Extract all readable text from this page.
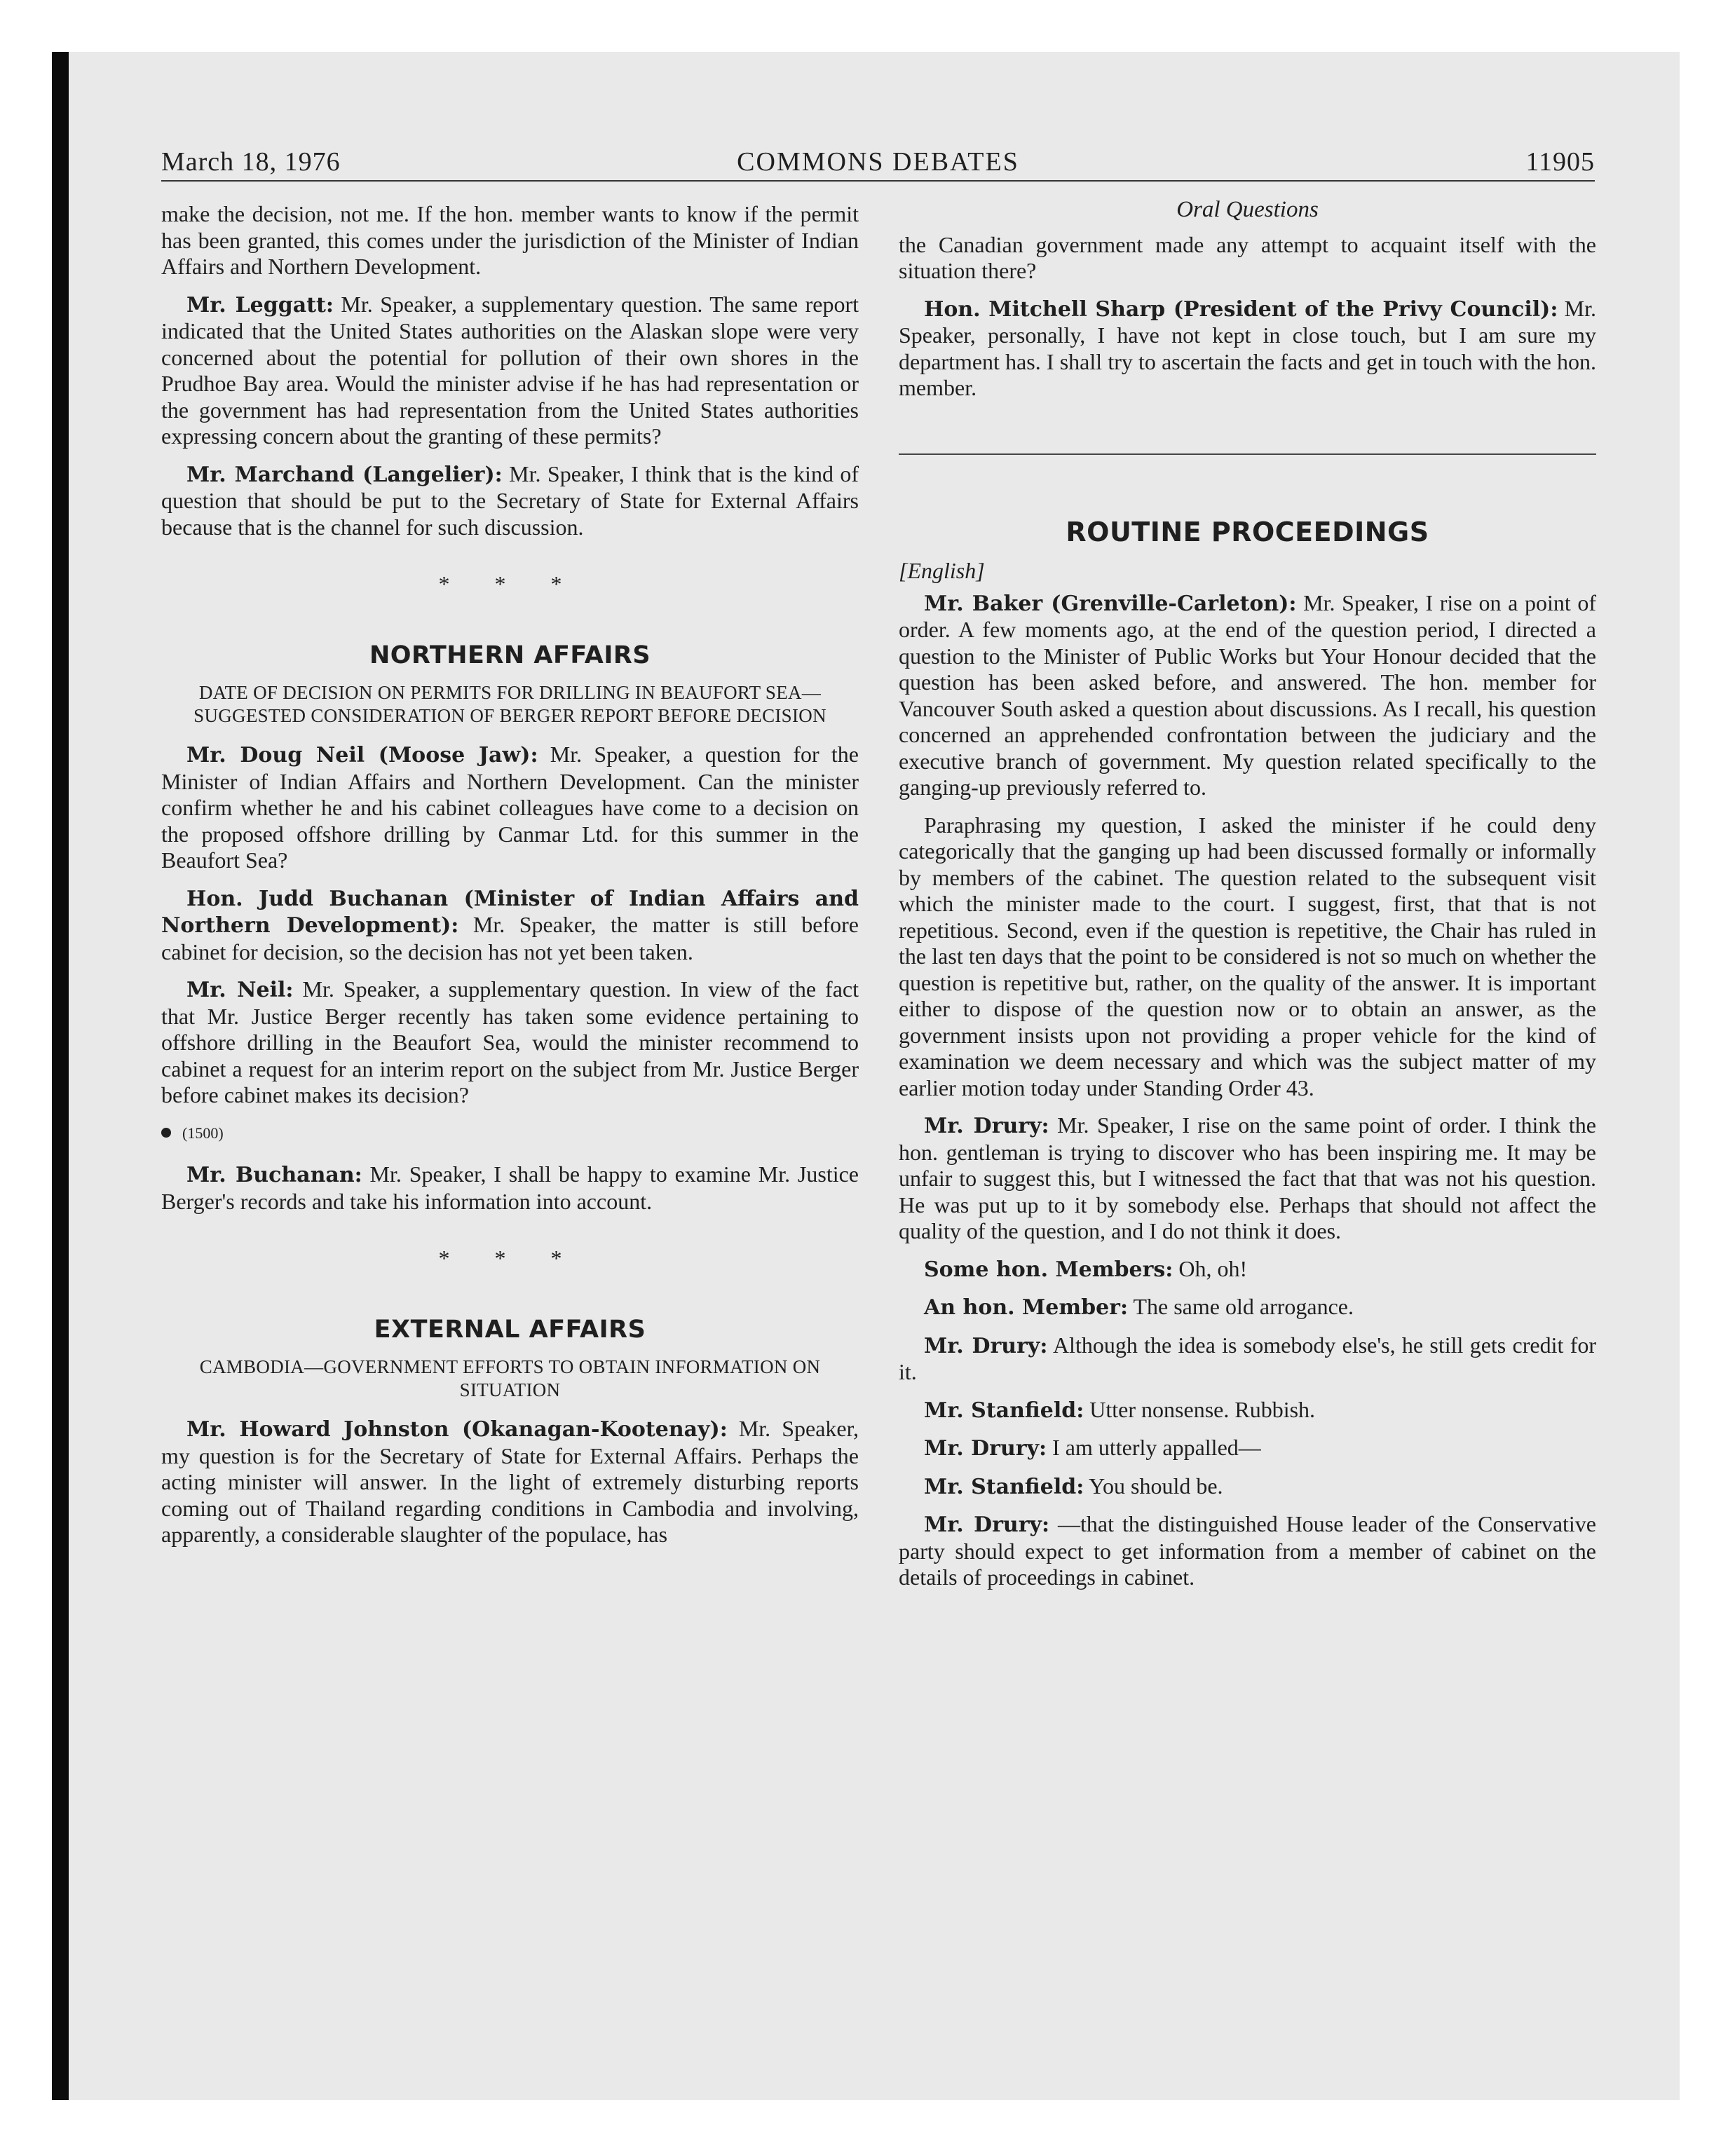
March 18, 1976	COMMONS DEBATES	11905

make the decision, not me. If the hon. member wants to know if the permit has been granted, this comes under the jurisdiction of the Minister of Indian Affairs and Northern Development.

Mr. Leggatt: Mr. Speaker, a supplementary question. The same report indicated that the United States authorities on the Alaskan slope were very concerned about the potential for pollution of their own shores in the Prudhoe Bay area. Would the minister advise if he has had representation or the government has had representation from the United States authorities expressing concern about the granting of these permits?

Mr. Marchand (Langelier): Mr. Speaker, I think that is the kind of question that should be put to the Secretary of State for External Affairs because that is the channel for such discussion.

* * *
NORTHERN AFFAIRS
DATE OF DECISION ON PERMITS FOR DRILLING IN BEAUFORT SEA—SUGGESTED CONSIDERATION OF BERGER REPORT BEFORE DECISION

Mr. Doug Neil (Moose Jaw): Mr. Speaker, a question for the Minister of Indian Affairs and Northern Development. Can the minister confirm whether he and his cabinet colleagues have come to a decision on the proposed offshore drilling by Canmar Ltd. for this summer in the Beaufort Sea?

Hon. Judd Buchanan (Minister of Indian Affairs and Northern Development): Mr. Speaker, the matter is still before cabinet for decision, so the decision has not yet been taken.

Mr. Neil: Mr. Speaker, a supplementary question. In view of the fact that Mr. Justice Berger recently has taken some evidence pertaining to offshore drilling in the Beaufort Sea, would the minister recommend to cabinet a request for an interim report on the subject from Mr. Justice Berger before cabinet makes its decision?

(1500)

Mr. Buchanan: Mr. Speaker, I shall be happy to examine Mr. Justice Berger's records and take his information into account.

* * *
EXTERNAL AFFAIRS
CAMBODIA—GOVERNMENT EFFORTS TO OBTAIN INFORMATION ON SITUATION

Mr. Howard Johnston (Okanagan-Kootenay): Mr. Speaker, my question is for the Secretary of State for External Affairs. Perhaps the acting minister will answer. In the light of extremely disturbing reports coming out of Thailand regarding conditions in Cambodia and involving, apparently, a considerable slaughter of the populace, has

Oral Questions

the Canadian government made any attempt to acquaint itself with the situation there?

Hon. Mitchell Sharp (President of the Privy Council): Mr. Speaker, personally, I have not kept in close touch, but I am sure my department has. I shall try to ascertain the facts and get in touch with the hon. member.

ROUTINE PROCEEDINGS
[English]

Mr. Baker (Grenville-Carleton): Mr. Speaker, I rise on a point of order. A few moments ago, at the end of the question period, I directed a question to the Minister of Public Works but Your Honour decided that the question has been asked before, and answered. The hon. member for Vancouver South asked a question about discussions. As I recall, his question concerned an apprehended confrontation between the judiciary and the executive branch of government. My question related specifically to the ganging-up previously referred to.

Paraphrasing my question, I asked the minister if he could deny categorically that the ganging up had been discussed formally or informally by members of the cabinet. The question related to the subsequent visit which the minister made to the court. I suggest, first, that that is not repetitious. Second, even if the question is repetitive, the Chair has ruled in the last ten days that the point to be considered is not so much on whether the question is repetitive but, rather, on the quality of the answer. It is important either to dispose of the question now or to obtain an answer, as the government insists upon not providing a proper vehicle for the kind of examination we deem necessary and which was the subject matter of my earlier motion today under Standing Order 43.

Mr. Drury: Mr. Speaker, I rise on the same point of order. I think the hon. gentleman is trying to discover who has been inspiring me. It may be unfair to suggest this, but I witnessed the fact that that was not his question. He was put up to it by somebody else. Perhaps that should not affect the quality of the question, and I do not think it does.

Some hon. Members: Oh, oh!

An hon. Member: The same old arrogance.

Mr. Drury: Although the idea is somebody else's, he still gets credit for it.

Mr. Stanfield: Utter nonsense. Rubbish.

Mr. Drury: I am utterly appalled—

Mr. Stanfield: You should be.

Mr. Drury: —that the distinguished House leader of the Conservative party should expect to get information from a member of cabinet on the details of proceedings in cabinet.
